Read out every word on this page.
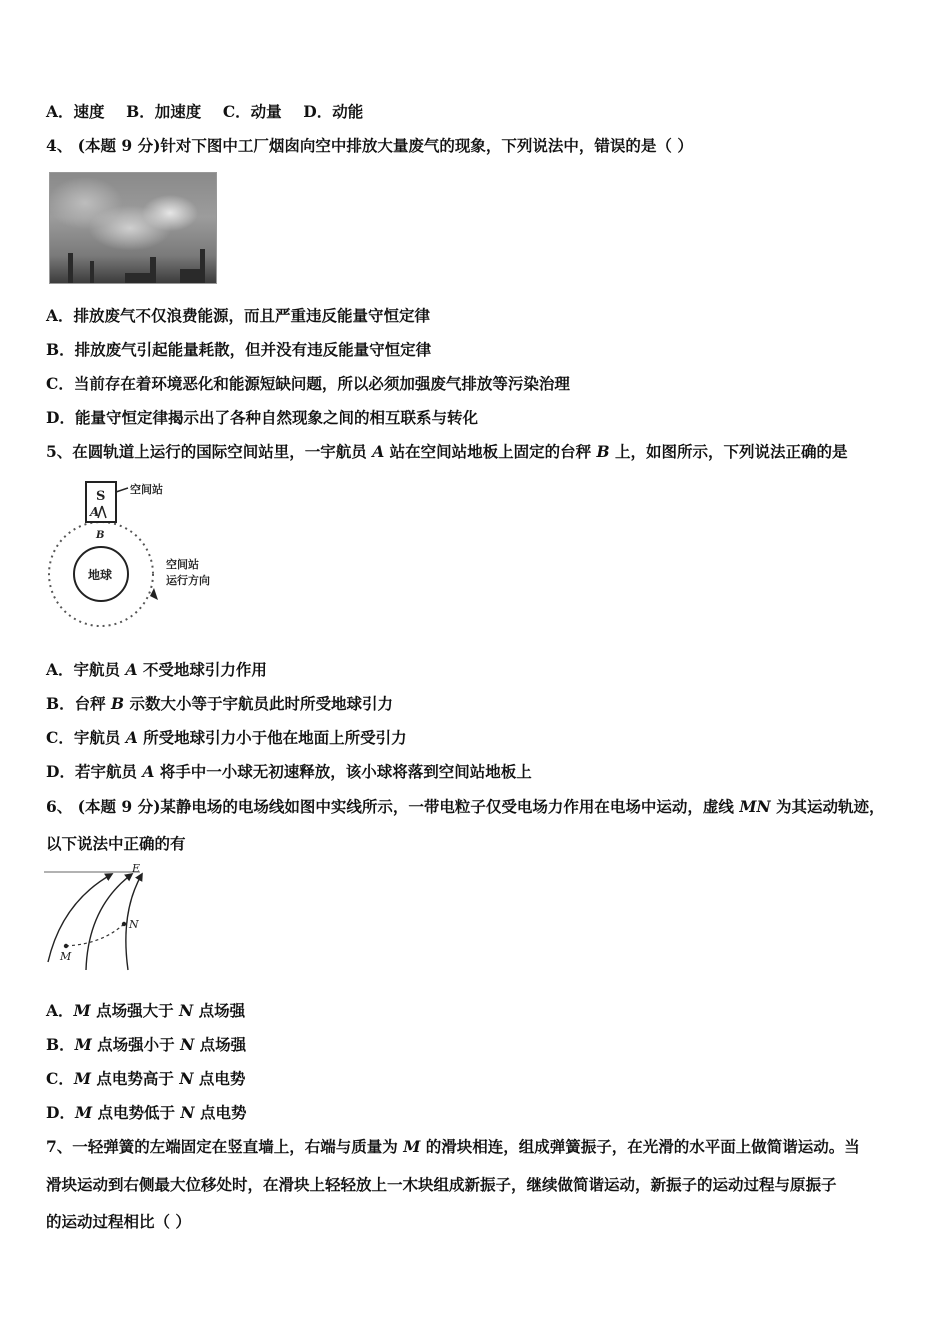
A．速度 B．加速度 C．动量 D．动能
4、 (本题 9 分)针对下图中工厂烟囱向空中排放大量废气的现象，下列说法中，错误的是（ ）
A．排放废气不仅浪费能源，而且严重违反能量守恒定律
B．排放废气引起能量耗散，但并没有违反能量守恒定律
C．当前存在着环境恶化和能源短缺问题，所以必须加强废气排放等污染治理
D．能量守恒定律揭示出了各种自然现象之间的相互联系与转化
5、在圆轨道上运行的国际空间站里，一宇航员 A 站在空间站地板上固定的台秤 B 上，如图所示，下列说法正确的是
地球
S
A
B
空间站
空间站
运行方向
A．宇航员 A 不受地球引力作用
B．台秤 B 示数大小等于宇航员此时所受地球引力
C．宇航员 A 所受地球引力小于他在地面上所受引力
D．若宇航员 A 将手中一小球无初速释放，该小球将落到空间站地板上
6、 (本题 9 分)某静电场的电场线如图中实线所示，一带电粒子仅受电场力作用在电场中运动，虚线 MN 为其运动轨迹，
以下说法中正确的有
E
N
M
A．M 点场强大于 N 点场强
B．M 点场强小于 N 点场强
C．M 点电势高于 N 点电势
D．M 点电势低于 N 点电势
7、一轻弹簧的左端固定在竖直墙上，右端与质量为 M 的滑块相连，组成弹簧振子，在光滑的水平面上做简谐运动。当
滑块运动到右侧最大位移处时，在滑块上轻轻放上一木块组成新振子，继续做简谐运动，新振子的运动过程与原振子
的运动过程相比（ ）
